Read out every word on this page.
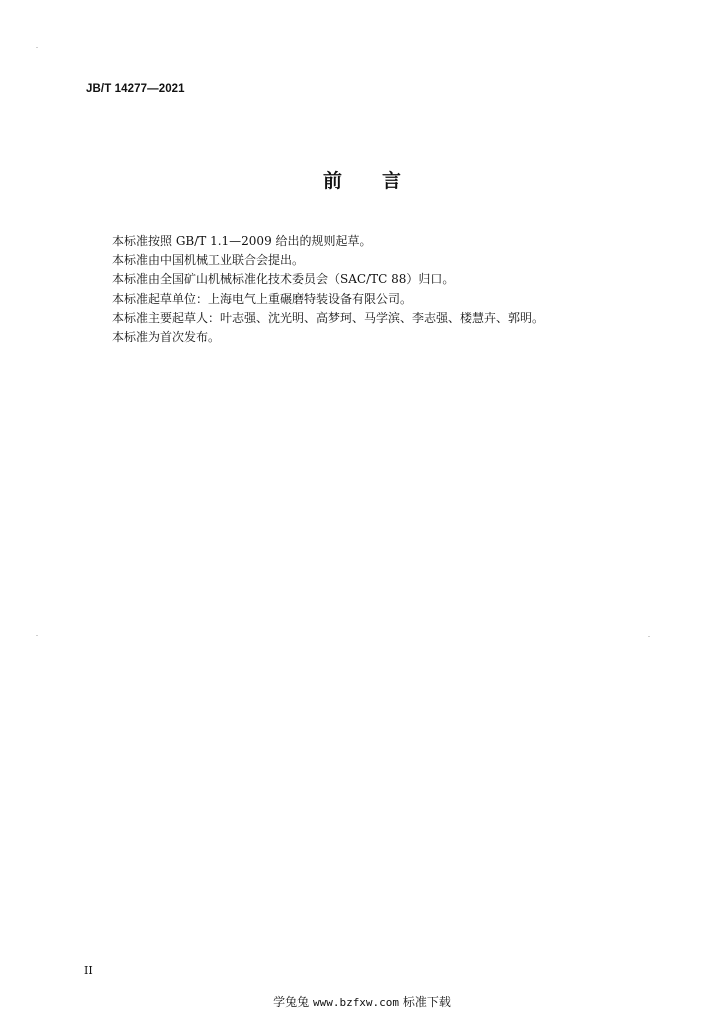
JB/T 14277—2021
前 言
本标准按照 GB/T 1.1—2009 给出的规则起草。
本标准由中国机械工业联合会提出。
本标准由全国矿山机械标准化技术委员会（SAC/TC 88）归口。
本标准起草单位：上海电气上重碾磨特装设备有限公司。
本标准主要起草人：叶志强、沈光明、高梦珂、马学滨、李志强、楼慧卉、郭明。
本标准为首次发布。
II
学兔兔 www.bzfxw.com 标准下载
